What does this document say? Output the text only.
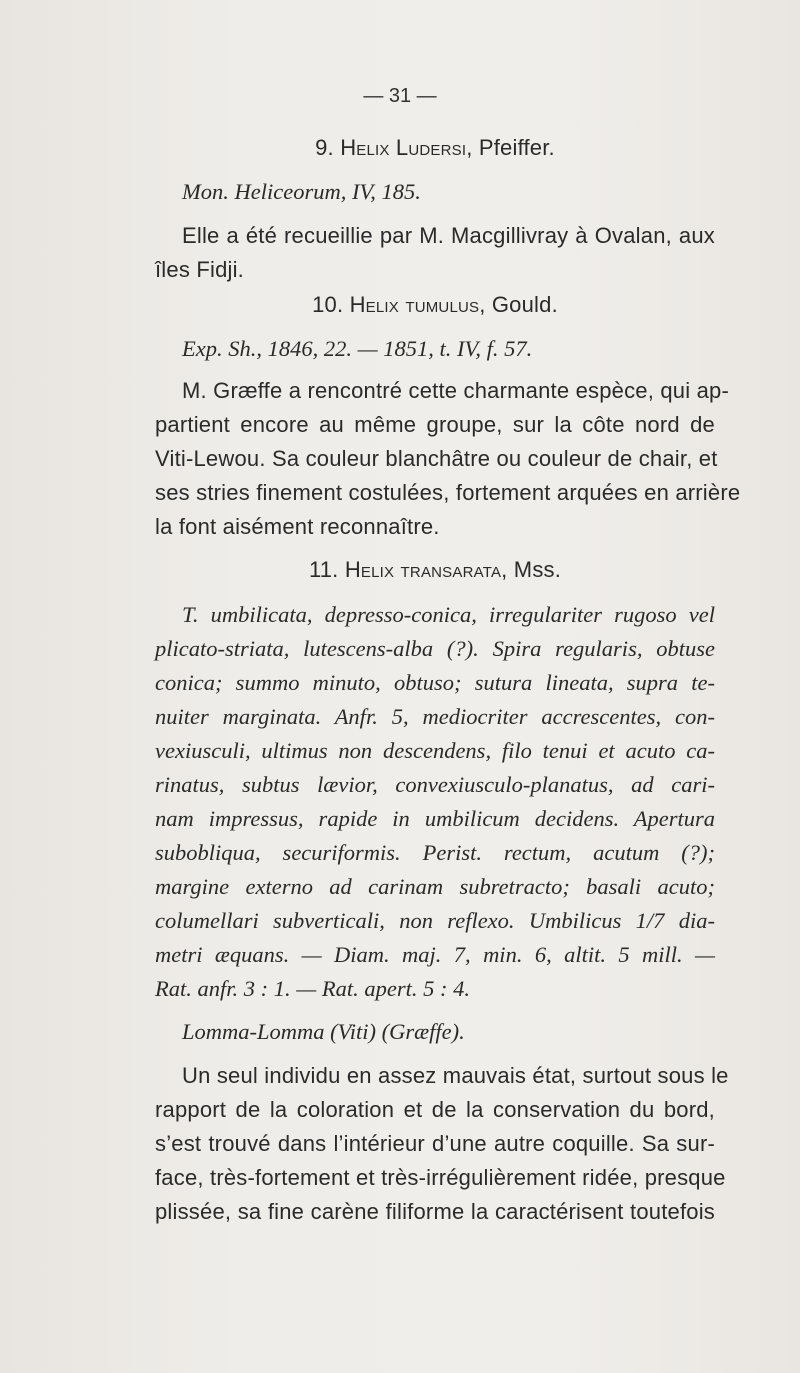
— 31 —
9. Helix Ludersi, Pfeiffer.
Mon. Heliceorum, IV, 185.
Elle a été recueillie par M. Macgillivray à Ovalan, aux
îles Fidji.
10. Helix tumulus, Gould.
Exp. Sh., 1846, 22. — 1851, t. IV, f. 57.
M. Græffe a rencontré cette charmante espèce, qui ap-
partient encore au même groupe, sur la côte nord de
Viti-Lewou. Sa couleur blanchâtre ou couleur de chair, et
ses stries finement costulées, fortement arquées en arrière
la font aisément reconnaître.
11. Helix transarata, Mss.
T. umbilicata, depresso-conica, irregulariter rugoso vel
plicato-striata, lutescens-alba (?). Spira regularis, obtuse
conica; summo minuto, obtuso; sutura lineata, supra te-
nuiter marginata. Anfr. 5, mediocriter accrescentes, con-
vexiusculi, ultimus non descendens, filo tenui et acuto ca-
rinatus, subtus lævior, convexiusculo-planatus, ad cari-
nam impressus, rapide in umbilicum decidens. Apertura
subobliqua, securiformis. Perist. rectum, acutum (?);
margine externo ad carinam subretracto; basali acuto;
columellari subverticali, non reflexo. Umbilicus 1/7 dia-
metri æquans. — Diam. maj. 7, min. 6, altit. 5 mill. —
Rat. anfr. 3 : 1. — Rat. apert. 5 : 4.
Lomma-Lomma (Viti) (Græffe).
Un seul individu en assez mauvais état, surtout sous le
rapport de la coloration et de la conservation du bord,
s’est trouvé dans l’intérieur d’une autre coquille. Sa sur-
face, très-fortement et très-irrégulièrement ridée, presque
plissée, sa fine carène filiforme la caractérisent toutefois
